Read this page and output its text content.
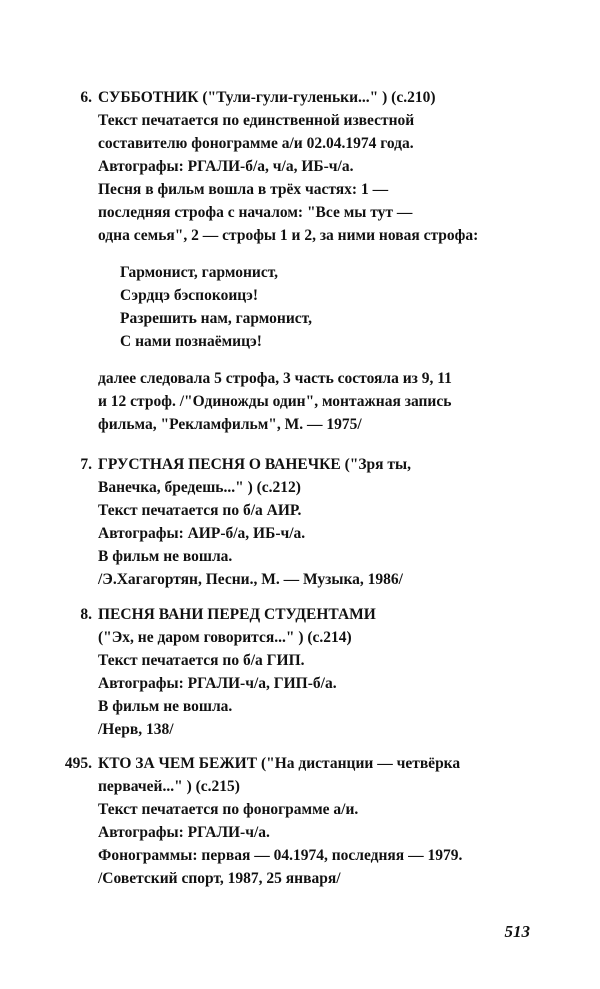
6. СУББОТНИК ("Тули-гули-гуленьки..." ) (с.210)
Текст печатается по единственной известной
составителю фонограмме а/и 02.04.1974 года.
Автографы: РГАЛИ-б/а, ч/а, ИБ-ч/а.
Песня в фильм вошла в трёх частях: 1 —
последняя строфа с началом: "Все мы тут —
одна семья", 2 — строфы 1 и 2, за ними новая строфа:
Гармонист, гармонист,
Сэрдцэ бэспокоицэ!
Разрешить нам, гармонист,
С нами познаёмицэ!
далее следовала 5 строфа, 3 часть состояла из 9, 11
и 12 строф. /"Одиножды один", монтажная запись
фильма, "Рекламфильм", М. — 1975/
7. ГРУСТНАЯ ПЕСНЯ О ВАНЕЧКЕ ("Зря ты,
Ванечка, бредешь..." ) (с.212)
Текст печатается по б/а АИР.
Автографы: АИР-б/а, ИБ-ч/а.
В фильм не вошла.
/Э.Хагагортян, Песни., М. — Музыка, 1986/
8. ПЕСНЯ ВАНИ ПЕРЕД СТУДЕНТАМИ
("Эх, не даром говорится..." ) (с.214)
Текст печатается по б/а ГИП.
Автографы: РГАЛИ-ч/а, ГИП-б/а.
В фильм не вошла.
/Нерв, 138/
495. КТО ЗА ЧЕМ БЕЖИТ ("На дистанции — четвёрка
первачей..." ) (с.215)
Текст печатается по фонограмме а/и.
Автографы: РГАЛИ-ч/а.
Фонограммы: первая — 04.1974, последняя — 1979.
/Советский спорт, 1987, 25 января/
513
